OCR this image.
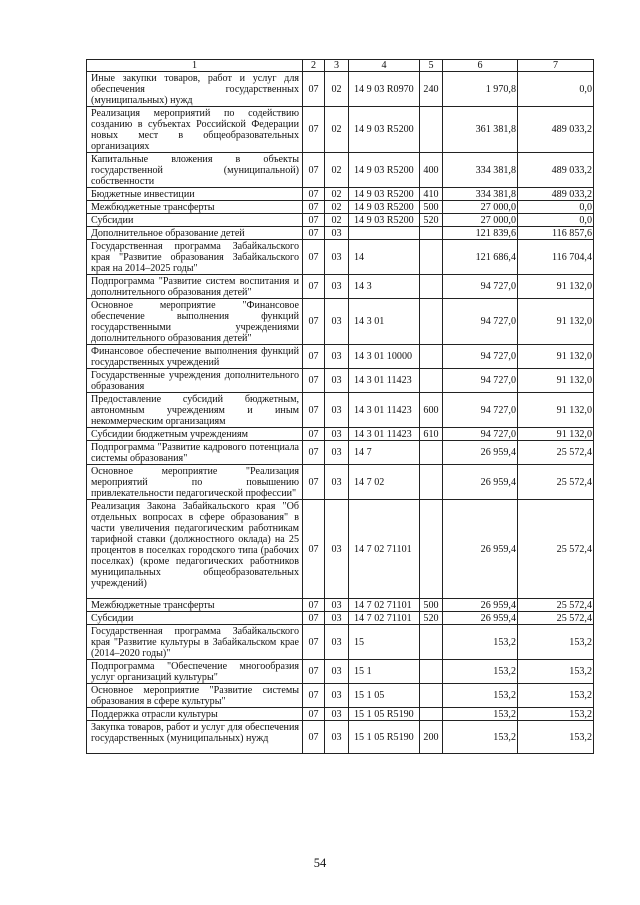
1	2	3	4	5	6	7
Иные закупки товаров, работ и услуг для обеспечения государственных (муниципальных) нужд	07	02	14 9 03 R0970	240	1 970,8	0,0
Реализация мероприятий по содействию созданию в субъектах Российской Федерации новых мест в общеобразовательных организациях	07	02	14 9 03 R5200		361 381,8	489 033,2
Капитальные вложения в объекты государственной (муниципальной) собственности	07	02	14 9 03 R5200	400	334 381,8	489 033,2
Бюджетные инвестиции	07	02	14 9 03 R5200	410	334 381,8	489 033,2
Межбюджетные трансферты	07	02	14 9 03 R5200	500	27 000,0	0,0
Субсидии	07	02	14 9 03 R5200	520	27 000,0	0,0
Дополнительное образование детей	07	03			121 839,6	116 857,6
Государственная программа Забайкальского края "Развитие образования Забайкальского края на 2014–2025 годы"	07	03	14		121 686,4	116 704,4
Подпрограмма "Развитие систем воспитания и дополнительного образования детей"	07	03	14 3		94 727,0	91 132,0
Основное мероприятие "Финансовое обеспечение выполнения функций государственными учреждениями дополнительного образования детей"	07	03	14 3 01		94 727,0	91 132,0
Финансовое обеспечение выполнения функций государственных учреждений	07	03	14 3 01 10000		94 727,0	91 132,0
Государственные учреждения дополнительного образования	07	03	14 3 01 11423		94 727,0	91 132,0
Предоставление субсидий бюджетным, автономным учреждениям и иным некоммерческим организациям	07	03	14 3 01 11423	600	94 727,0	91 132,0
Субсидии бюджетным учреждениям	07	03	14 3 01 11423	610	94 727,0	91 132,0
Подпрограмма "Развитие кадрового потенциала системы образования"	07	03	14 7		26 959,4	25 572,4
Основное мероприятие "Реализация мероприятий по повышению привлекательности педагогической профессии"	07	03	14 7 02		26 959,4	25 572,4
Реализация Закона Забайкальского края "Об отдельных вопросах в сфере образования" в части увеличения педагогическим работникам тарифной ставки (должностного оклада) на 25 процентов в поселках городского типа (рабочих поселках) (кроме педагогических работников муниципальных общеобразовательных учреждений)	07	03	14 7 02 71101		26 959,4	25 572,4
Межбюджетные трансферты	07	03	14 7 02 71101	500	26 959,4	25 572,4
Субсидии	07	03	14 7 02 71101	520	26 959,4	25 572,4
Государственная программа Забайкальского края "Развитие культуры в Забайкальском крае (2014–2020 годы)"	07	03	15		153,2	153,2
Подпрограмма "Обеспечение многообразия услуг организаций культуры"	07	03	15 1		153,2	153,2
Основное мероприятие "Развитие системы образования в сфере культуры"	07	03	15 1 05		153,2	153,2
Поддержка отрасли культуры	07	03	15 1 05 R5190		153,2	153,2
Закупка товаров, работ и услуг для обеспечения государственных (муниципальных) нужд	07	03	15 1 05 R5190	200	153,2	153,2
54
